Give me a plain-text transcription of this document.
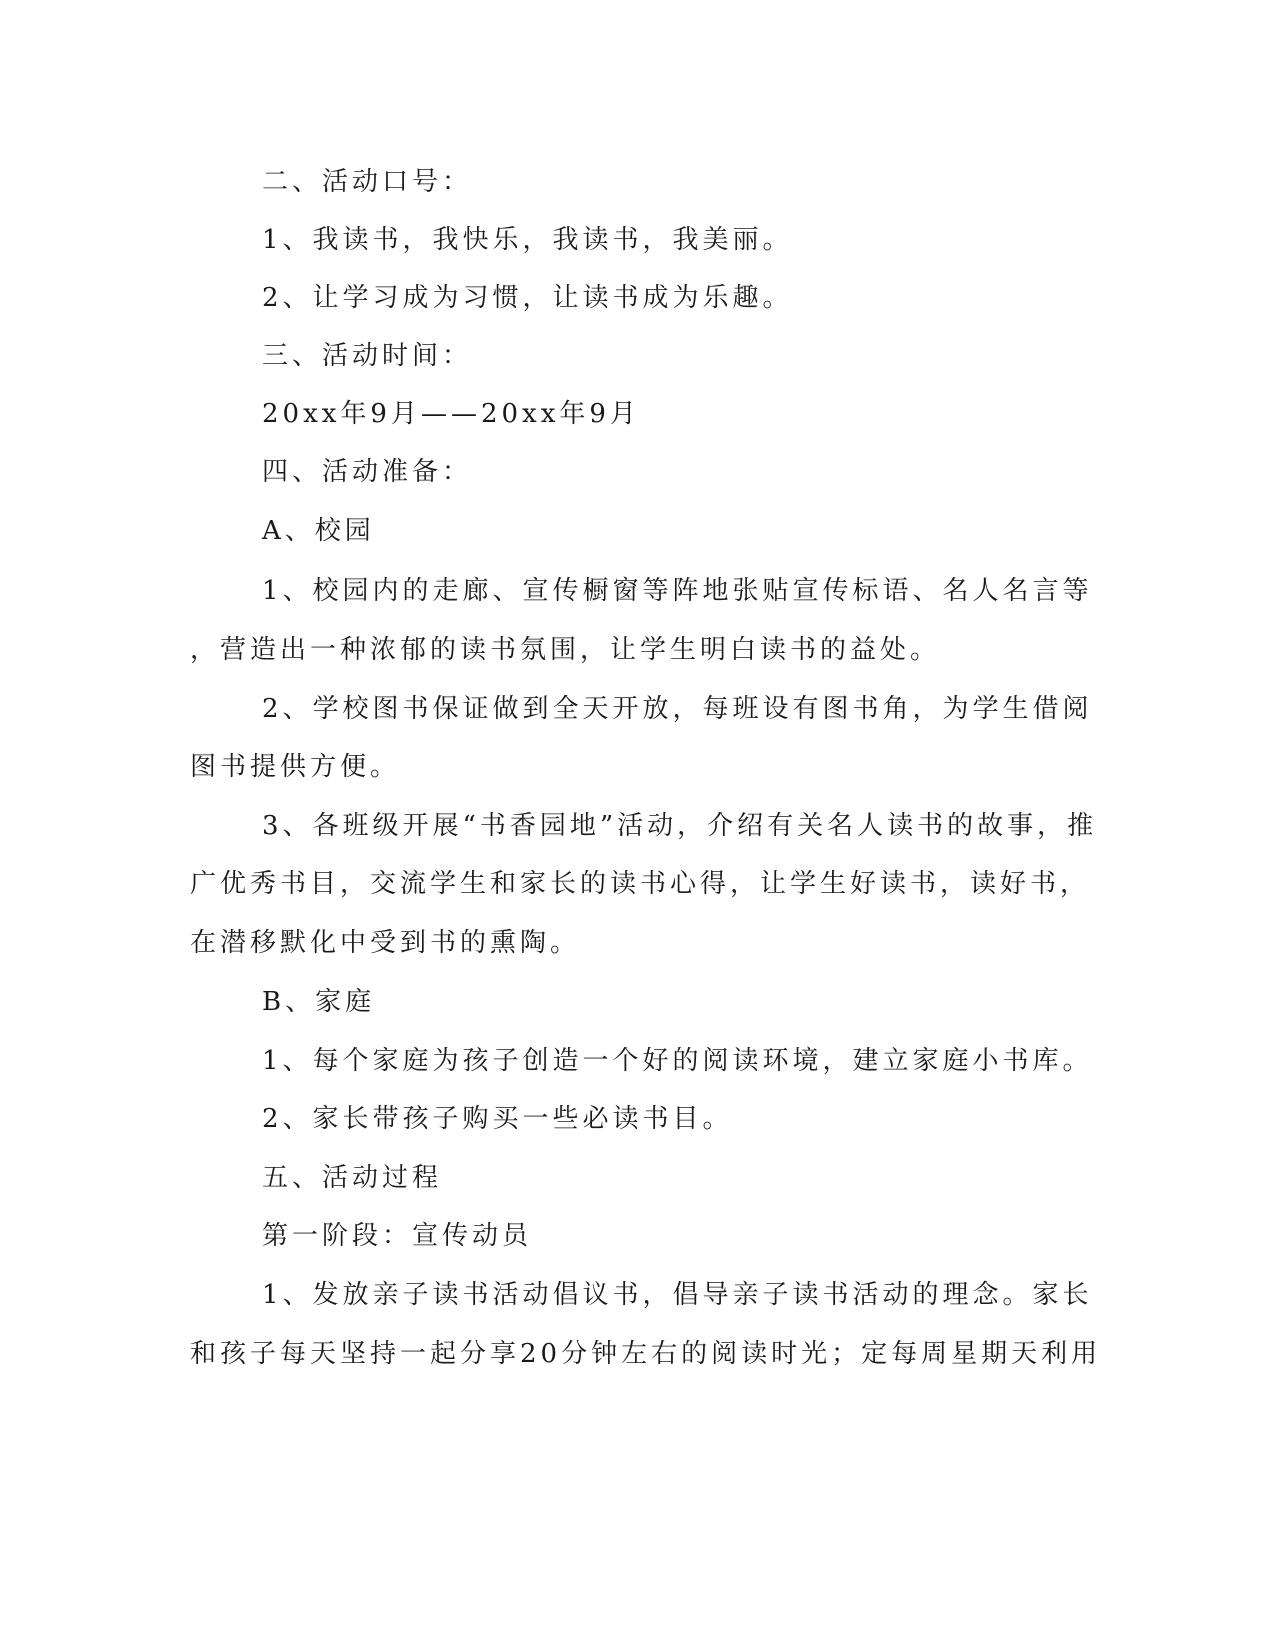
二、活动口号：
1、我读书，我快乐，我读书，我美丽。
2、让学习成为习惯，让读书成为乐趣。
三、活动时间：
20xx年9月——20xx年9月
四、活动准备：
A、校园
1、校园内的走廊、宣传橱窗等阵地张贴宣传标语、名人名言等
，营造出一种浓郁的读书氛围，让学生明白读书的益处。
2、学校图书保证做到全天开放，每班设有图书角，为学生借阅
图书提供方便。
3、各班级开展“书香园地”活动，介绍有关名人读书的故事，推
广优秀书目，交流学生和家长的读书心得，让学生好读书，读好书，
在潜移默化中受到书的熏陶。
B、家庭
1、每个家庭为孩子创造一个好的阅读环境，建立家庭小书库。
2、家长带孩子购买一些必读书目。
五、活动过程
第一阶段：宣传动员
1、发放亲子读书活动倡议书，倡导亲子读书活动的理念。家长
和孩子每天坚持一起分享20分钟左右的阅读时光；定每周星期天利用
